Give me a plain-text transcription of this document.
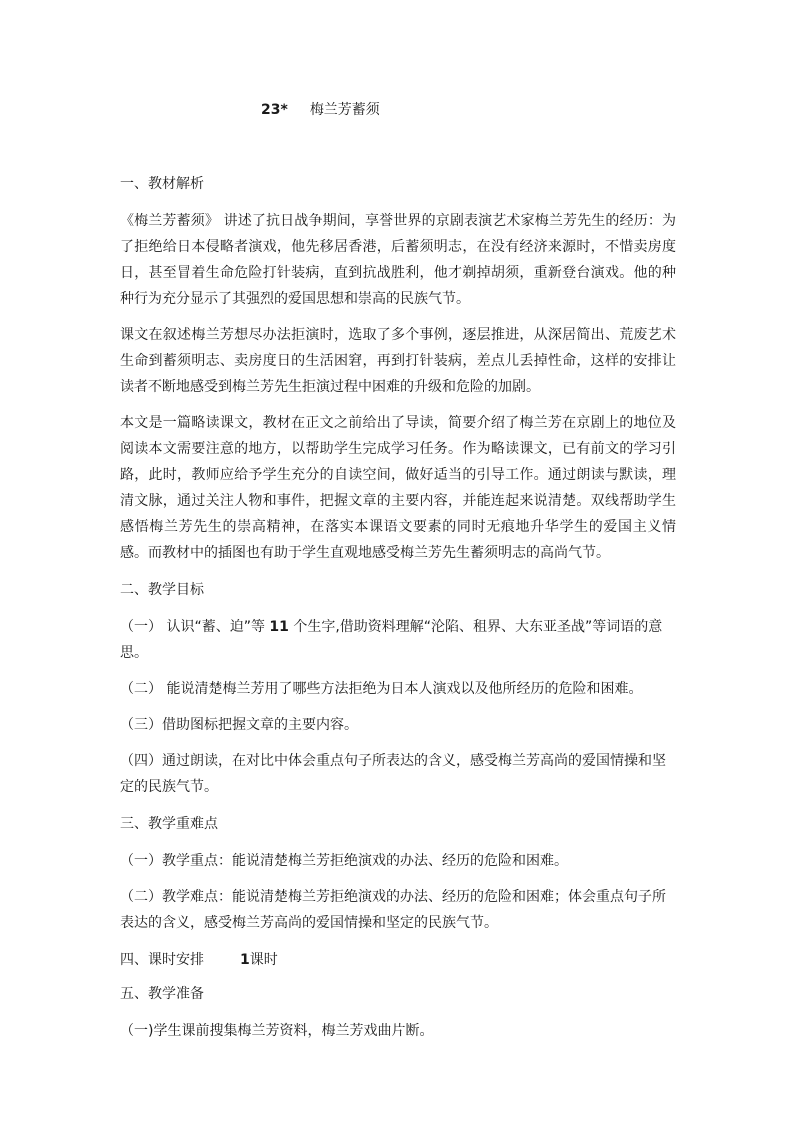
23* 梅兰芳蓄须
一、教材解析

《梅兰芳蓄须》 讲述了抗日战争期间，享誉世界的京剧表演艺术家梅兰芳先生的经历：为了拒绝给日本侵略者演戏，他先移居香港，后蓄须明志，在没有经济来源时，不惜卖房度日，甚至冒着生命危险打针装病，直到抗战胜利，他才剃掉胡须，重新登台演戏。他的种种行为充分显示了其强烈的爱国思想和崇高的民族气节。

课文在叙述梅兰芳想尽办法拒演时，选取了多个事例，逐层推进，从深居简出、荒废艺术生命到蓄须明志、卖房度日的生活困窘，再到打针装病，差点儿丢掉性命，这样的安排让读者不断地感受到梅兰芳先生拒演过程中困难的升级和危险的加剧。

本文是一篇略读课文，教材在正文之前给出了导读，简要介绍了梅兰芳在京剧上的地位及阅读本文需要注意的地方，以帮助学生完成学习任务。作为略读课文，已有前文的学习引路，此时，教师应给予学生充分的自读空间，做好适当的引导工作。通过朗读与默读，理清文脉，通过关注人物和事件，把握文章的主要内容，并能连起来说清楚。双线帮助学生感悟梅兰芳先生的崇高精神，在落实本课语文要素的同时无痕地升华学生的爱国主义情感。而教材中的插图也有助于学生直观地感受梅兰芳先生蓄须明志的高尚气节。

二、教学目标

（一） 认识“蓄、迫”等 11 个生字,借助资料理解“沦陷、租界、大东亚圣战”等词语的意思。

（二） 能说清楚梅兰芳用了哪些方法拒绝为日本人演戏以及他所经历的危险和困难。

（三）借助图标把握文章的主要内容。

（四）通过朗读，在对比中体会重点句子所表达的含义，感受梅兰芳高尚的爱国情操和坚定的民族气节。

三、教学重难点

（一）教学重点：能说清楚梅兰芳拒绝演戏的办法、经历的危险和困难。

（二）教学难点：能说清楚梅兰芳拒绝演戏的办法、经历的危险和困难；体会重点句子所表达的含义，感受梅兰芳高尚的爱国情操和坚定的民族气节。

四、课时安排	1课时
五、教学准备

（一)学生课前搜集梅兰芳资料，梅兰芳戏曲片断。
